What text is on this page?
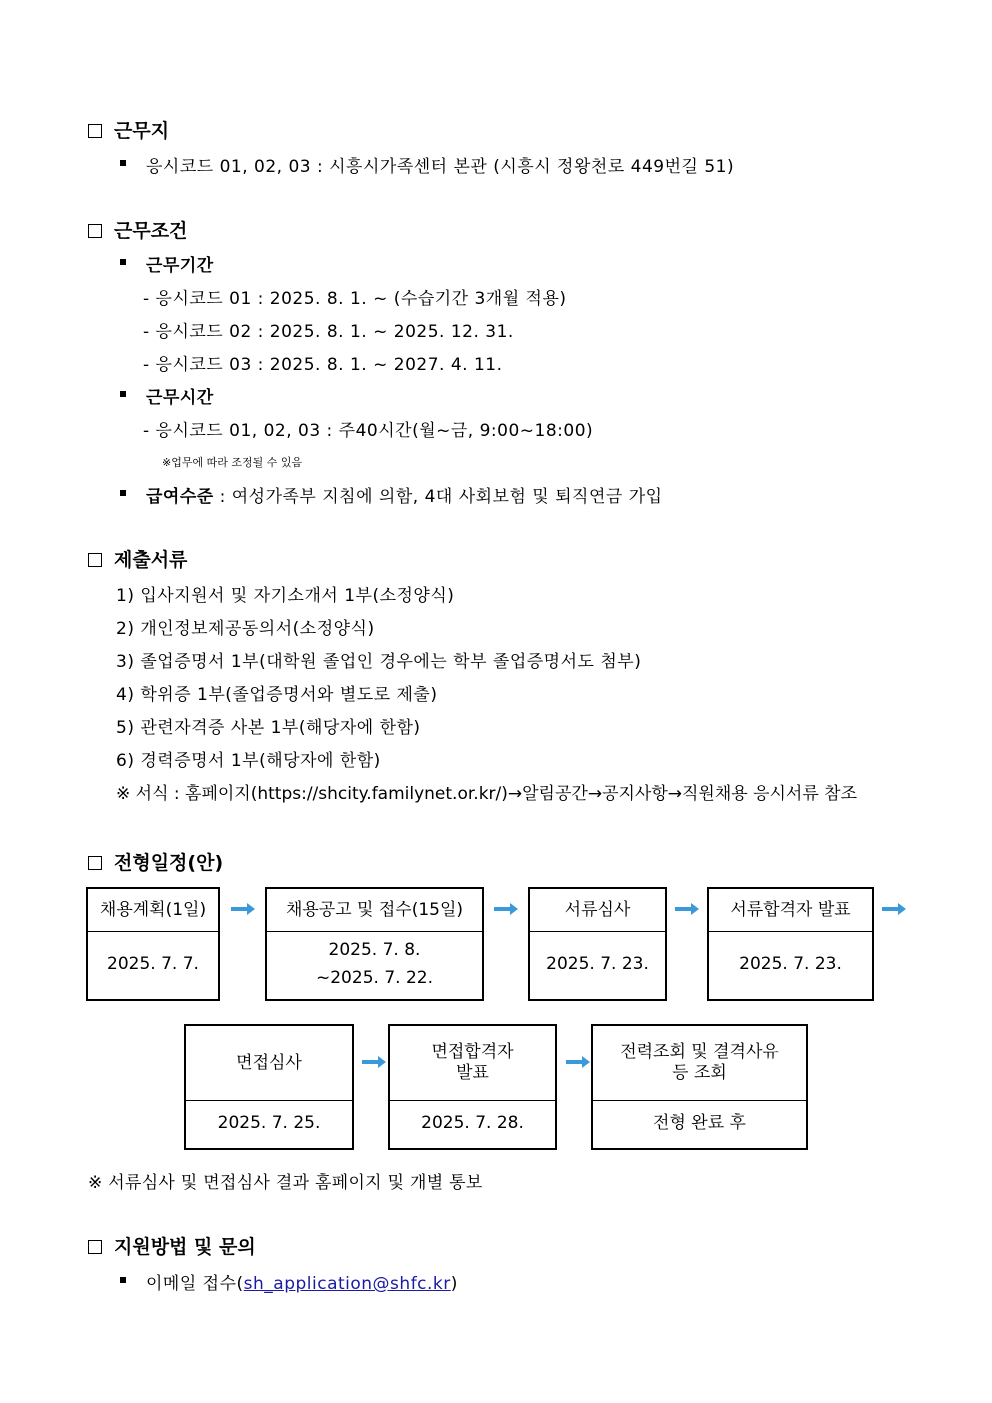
근무지
응시코드 01, 02, 03 : 시흥시가족센터 본관 (시흥시 정왕천로 449번길 51)
근무조건
근무기간
- 응시코드 01 : 2025. 8. 1. ~ (수습기간 3개월 적용)
- 응시코드 02 : 2025. 8. 1. ~ 2025. 12. 31.
- 응시코드 03 : 2025. 8. 1. ~ 2027. 4. 11.
근무시간
- 응시코드 01, 02, 03 : 주40시간(월~금, 9:00~18:00)
※업무에 따라 조정될 수 있음
급여수준 : 여성가족부 지침에 의함, 4대 사회보험 및 퇴직연금 가입
제출서류
1) 입사지원서 및 자기소개서 1부(소정양식)
2) 개인정보제공동의서(소정양식)
3) 졸업증명서 1부(대학원 졸업인 경우에는 학부 졸업증명서도 첨부)
4) 학위증 1부(졸업증명서와 별도로 제출)
5) 관련자격증 사본 1부(해당자에 한함)
6) 경력증명서 1부(해당자에 한함)
※ 서식 : 홈페이지(https://shcity.familynet.or.kr/)→알림공간→공지사항→직원채용 응시서류 참조
전형일정(안)
채용계획(1일)
2025. 7. 7.
채용공고 및 접수(15일)
2025. 7. 8.
~2025. 7. 22.
서류심사
2025. 7. 23.
서류합격자 발표
2025. 7. 23.
면접심사
2025. 7. 25.
면접합격자
발표
2025. 7. 28.
전력조회 및 결격사유
등 조회
전형 완료 후
※ 서류심사 및 면접심사 결과 홈페이지 및 개별 통보
지원방법 및 문의
이메일 접수(sh_application@shfc.kr)
